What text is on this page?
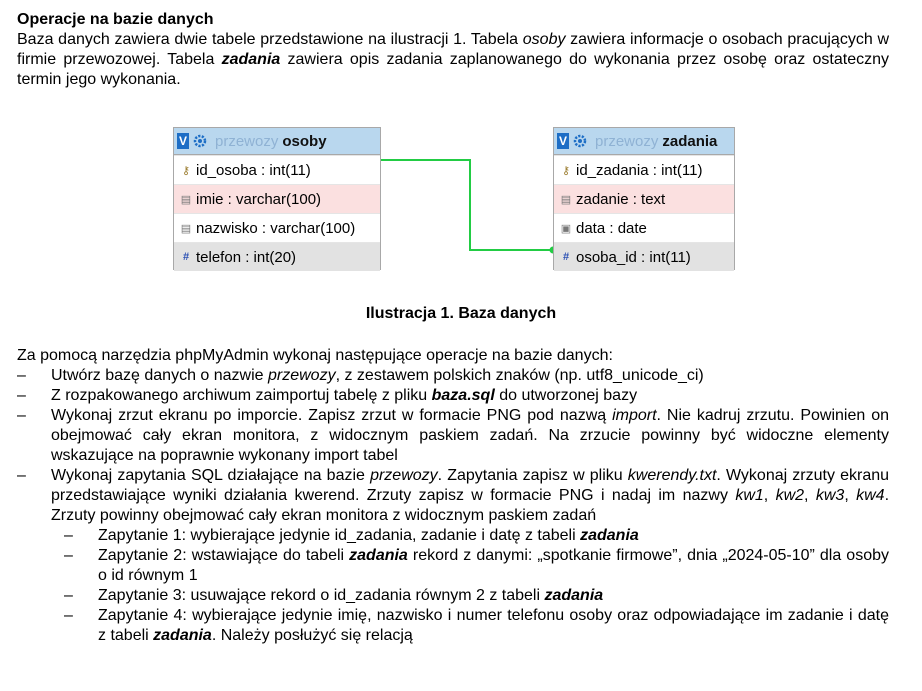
Operacje na bazie danych
Baza danych zawiera dwie tabele przedstawione na ilustracji 1. Tabela osoby zawiera informacje o osobach pracujących w firmie przewozowej. Tabela zadania zawiera opis zadania zaplanowanego do wykonania przez osobę oraz ostateczny termin jego wykonania.
V przewozy osoby
⚷ id_osoba : int(11)
▤ imie : varchar(100)
▤ nazwisko : varchar(100)
# telefon : int(20)
V przewozy zadania
⚷ id_zadania : int(11)
▤ zadanie : text
▣ data : date
# osoba_id : int(11)
Ilustracja 1. Baza danych
Za pomocą narzędzia phpMyAdmin wykonaj następujące operacje na bazie danych:
–	Utwórz bazę danych o nazwie przewozy, z zestawem polskich znaków (np. utf8_unicode_ci)
–	Z rozpakowanego archiwum zaimportuj tabelę z pliku baza.sql do utworzonej bazy
–	Wykonaj zrzut ekranu po imporcie. Zapisz zrzut w formacie PNG pod nazwą import. Nie kadruj zrzutu. Powinien on obejmować cały ekran monitora, z widocznym paskiem zadań. Na zrzucie powinny być widoczne elementy wskazujące na poprawnie wykonany import tabel
–	Wykonaj zapytania SQL działające na bazie przewozy. Zapytania zapisz w pliku kwerendy.txt. Wykonaj zrzuty ekranu przedstawiające wyniki działania kwerend. Zrzuty zapisz w formacie PNG i nadaj im nazwy kw1, kw2, kw3, kw4. Zrzuty powinny obejmować cały ekran monitora z widocznym paskiem zadań
–	Zapytanie 1: wybierające jedynie id_zadania, zadanie i datę z tabeli zadania
–	Zapytanie 2: wstawiające do tabeli zadania rekord z danymi: „spotkanie firmowe”, dnia „2024-05-10” dla osoby o id równym 1
–	Zapytanie 3: usuwające rekord o id_zadania równym 2 z tabeli zadania
–	Zapytanie 4: wybierające jedynie imię, nazwisko i numer telefonu osoby oraz odpowiadające im zadanie i datę z tabeli zadania. Należy posłużyć się relacją
